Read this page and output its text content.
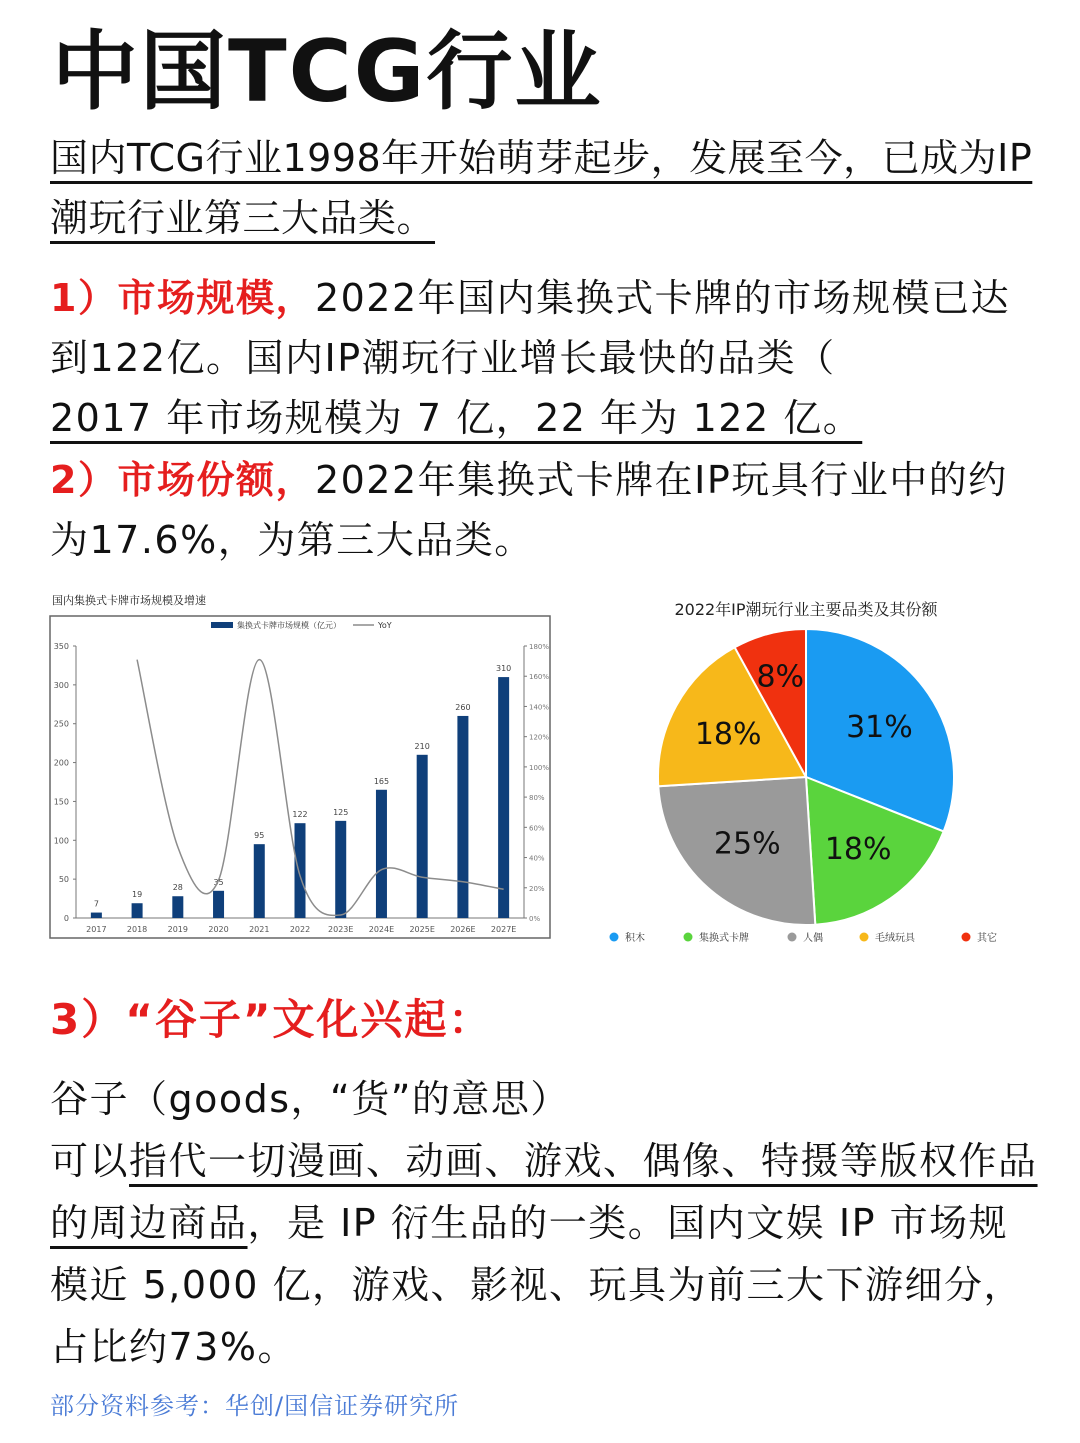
中国TCG行业
国内TCG行业1998年开始萌芽起步，发展至今，已成为IP潮玩行业第三大品类。
1）市场规模，2022年国内集换式卡牌的市场规模已达到122亿。国内IP潮玩行业增长最快的品类（
2017 年市场规模为 7 亿，22 年为 122 亿。
2）市场份额，2022年集换式卡牌在IP玩具行业中的约为17.6%，为第三大品类。
国内集换式卡牌市场规模及增速
集换式卡牌市场规模（亿元）	YoY
0
50
100
150
200
250
300
350
0%
20%
40%
60%
80%
100%
120%
140%
160%
180%
7
2017
19
2018
28
2019
35
2020
95
2021
122
2022
125
2023E
165
2024E
210
2025E
260
2026E
310
2027E
2022年IP潮玩行业主要品类及其份额
31%
18%
25%
18%
8%
积木	集换式卡牌	人偶	毛绒玩具	其它
3）“谷子”文化兴起：
谷子（goods，“货”的意思）
可以指代一切漫画、动画、游戏、偶像、特摄等版权作品的周边商品，是 IP 衍生品的一类。国内文娱 IP 市场规模近 5,000 亿，游戏、影视、玩具为前三大下游细分，占比约73%。
部分资料参考：华创/国信证券研究所
